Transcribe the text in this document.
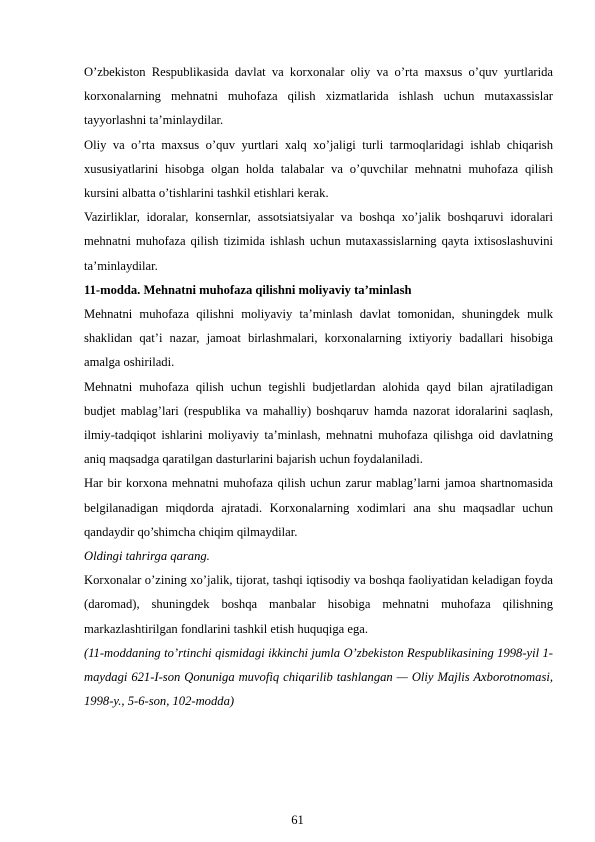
O’zbekiston Respublikasida davlat va korxonalar oliy va o’rta maxsus o’quv yurtlarida korxonalarning mehnatni muhofaza qilish xizmatlarida ishlash uchun mutaxassislar tayyorlashni ta’minlaydilar.

Oliy va o’rta maxsus o’quv yurtlari xalq xo’jaligi turli tarmoqlaridagi ishlab chiqarish xususiyatlarini hisobga olgan holda talabalar va o’quvchilar mehnatni muhofaza qilish kursini albatta o’tishlarini tashkil etishlari kerak.

Vazirliklar, idoralar, konsernlar, assotsiatsiyalar va boshqa xo’jalik boshqaruvi idoralari mehnatni muhofaza qilish tizimida ishlash uchun mutaxassislarning qayta ixtisoslashuvini ta’minlaydilar.

11-modda. Mehnatni muhofaza qilishni moliyaviy ta’minlash

Mehnatni muhofaza qilishni moliyaviy ta’minlash davlat tomonidan, shuningdek mulk shaklidan qat’i nazar, jamoat birlashmalari, korxonalarning ixtiyoriy badallari hisobiga amalga oshiriladi.

Mehnatni muhofaza qilish uchun tegishli budjetlardan alohida qayd bilan ajratiladigan budjet mablag’lari (respublika va mahalliy) boshqaruv hamda nazorat idoralarini saqlash, ilmiy-tadqiqot ishlarini moliyaviy ta’minlash, mehnatni muhofaza qilishga oid davlatning aniq maqsadga qaratilgan dasturlarini bajarish uchun foydalaniladi.

Har bir korxona mehnatni muhofaza qilish uchun zarur mablag’larni jamoa shartnomasida belgilanadigan miqdorda ajratadi. Korxonalarning xodimlari ana shu maqsadlar uchun qandaydir qo’shimcha chiqim qilmaydilar.

Oldingi tahrirga qarang.

Korxonalar o’zining xo’jalik, tijorat, tashqi iqtisodiy va boshqa faoliyatidan keladigan foyda (daromad), shuningdek boshqa manbalar hisobiga mehnatni muhofaza qilishning markazlashtirilgan fondlarini tashkil etish huquqiga ega.

(11-moddaning to’rtinchi qismidagi ikkinchi jumla O’zbekiston Respublikasining 1998-yil 1-maydagi 621-I-son Qonuniga muvofiq chiqarilib tashlangan — Oliy Majlis Axborotnomasi, 1998-y., 5-6-son, 102-modda)

61
